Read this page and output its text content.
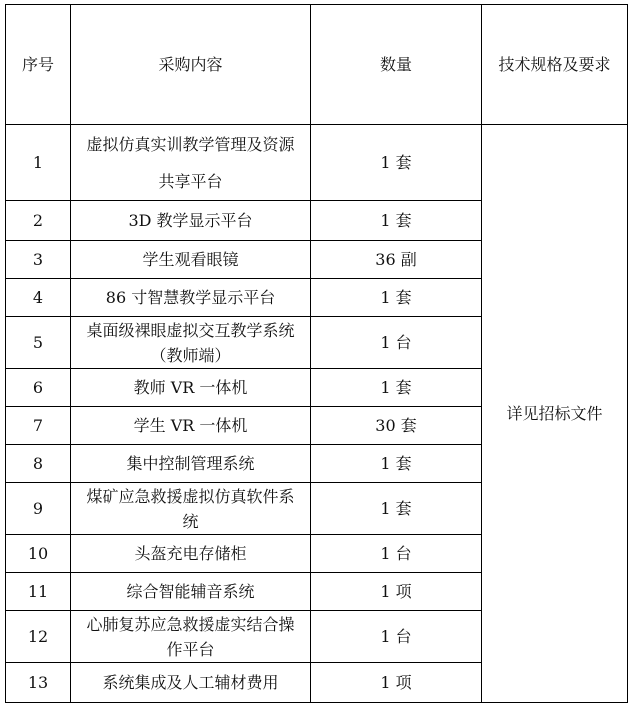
序号	采购内容	数量	技术规格及要求
1	虚拟仿真实训教学管理及资源共享平台	1 套	详见招标文件
2	3D 教学显示平台	1 套	
3	学生观看眼镜	36 副	
4	86 寸智慧教学显示平台	1 套	
5	桌面级裸眼虚拟交互教学系统（教师端）	1 台	
6	教师 VR 一体机	1 套	
7	学生 VR 一体机	30 套	
8	集中控制管理系统	1 套	
9	煤矿应急救援虚拟仿真软件系统	1 套	
10	头盔充电存储柜	1 台	
11	综合智能辅音系统	1 项	
12	心肺复苏应急救援虚实结合操作平台	1 台	
13	系统集成及人工辅材费用	1 项	
